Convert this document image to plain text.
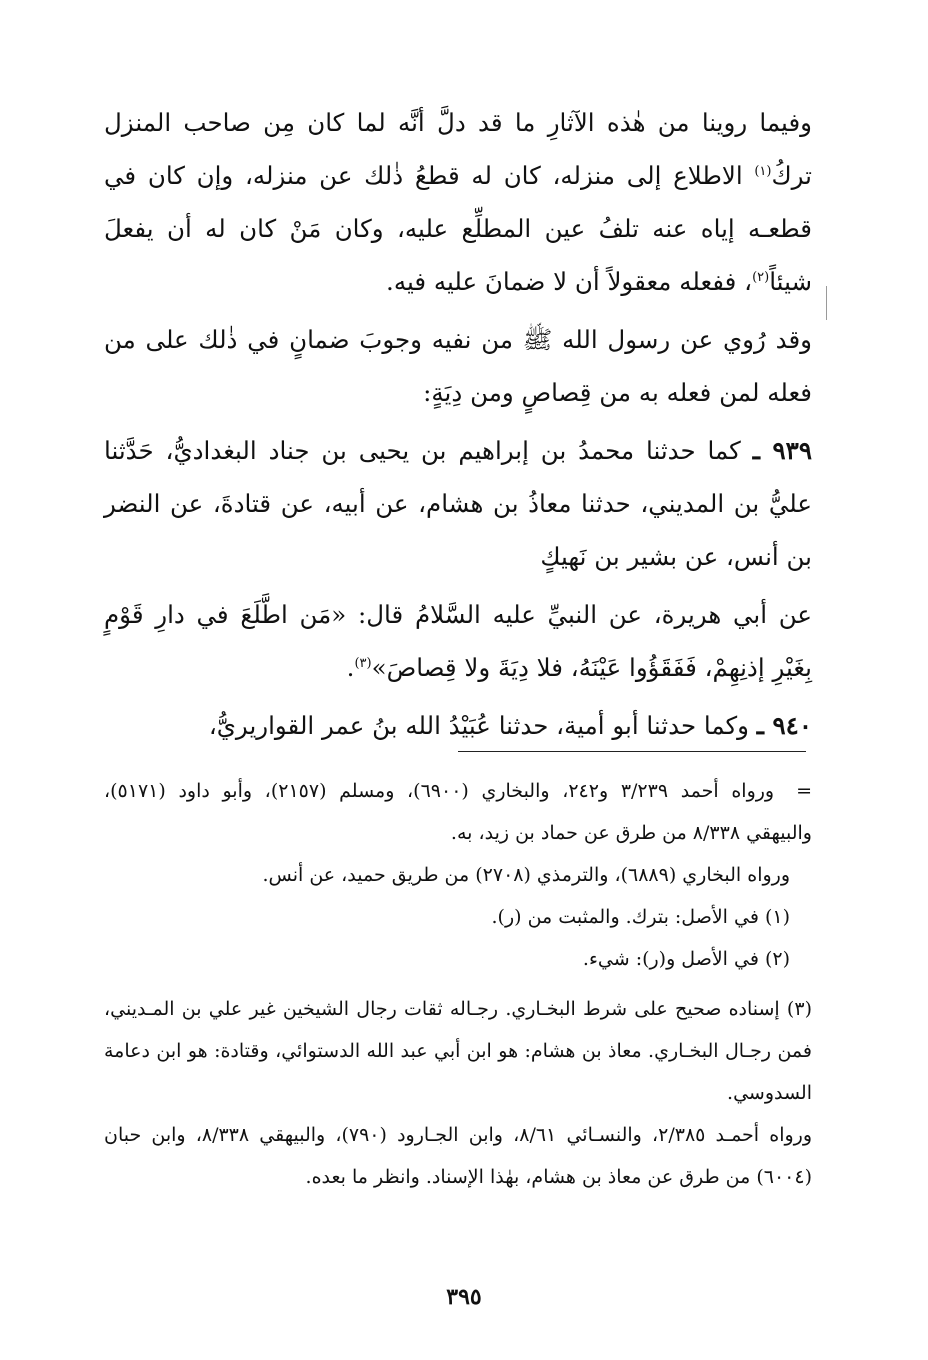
وفيما روينا من هٰذه الآثارِ ما قد دلَّ أنَّه لما كان مِن صاحب المنزل تركُ$^{(١)}$ الاطلاع إلى منزله، كان له قطعُ ذٰلك عن منزله، وإن كان في قطعـه إياه عنه تلفُ عين المطلِّع عليه، وكان مَنْ كان له أن يفعلَ شيئاً$^{(٢)}$، ففعله معقولاً أن لا ضمانَ عليه فيه.

وقد رُوي عن رسول الله ﷺ من نفيه وجوبَ ضمانٍ في ذٰلك على من فعله لمن فعله به من قِصاصٍ ومن دِيَةٍ:

٩٣٩ ـ كما حدثنا محمدُ بن إبراهيم بن يحيى بن جناد البغداديُّ، حَدَّثنا عليُّ بن المديني، حدثنا معاذُ بن هشام، عن أبيه، عن قتادةَ، عن النضر بن أنس، عن بشير بن نَهيكٍ

عن أبي هريرة، عن النبيِّ عليه السَّلامُ قال: «مَن اطَّلَعَ في دارِ قَوْمٍ بِغَيْرِ إذنِهِمْ، فَفَقَؤُوا عَيْنَهُ، فلا دِيَةَ ولا قِصاصَ»$^{(٣)}$.

٩٤٠ ـ وكما حدثنا أبو أمية، حدثنا عُبَيْدُ الله بنُ عمر القواريريُّ،

=ورواه أحمد ٣/٢٣٩ و٢٤٢، والبخاري (٦٩٠٠)، ومسلم (٢١٥٧)، وأبو داود (٥١٧١)، والبيهقي ٨/٣٣٨ من طرق عن حماد بن زيد، به.

ورواه البخاري (٦٨٨٩)، والترمذي (٢٧٠٨) من طريق حميد، عن أنس.

(١) في الأصل: بترك. والمثبت من (ر).

(٢) في الأصل و(ر): شيء.

(٣) إسناده صحيح على شرط البخـاري. رجـاله ثقات رجال الشيخين غير علي بن المـديني، فمن رجـال البخـاري. معاذ بن هشام: هو ابن أبي عبد الله الدستوائي، وقتادة: هو ابن دعامة السدوسي.

ورواه أحمـد ٢/٣٨٥، والنسـائي ٨/٦١، وابن الجـارود (٧٩٠)، والبيهقي ٨/٣٣٨، وابن حبان (٦٠٠٤) من طرق عن معاذ بن هشام، بهٰذا الإسناد. وانظر ما بعده.

٣٩٥
